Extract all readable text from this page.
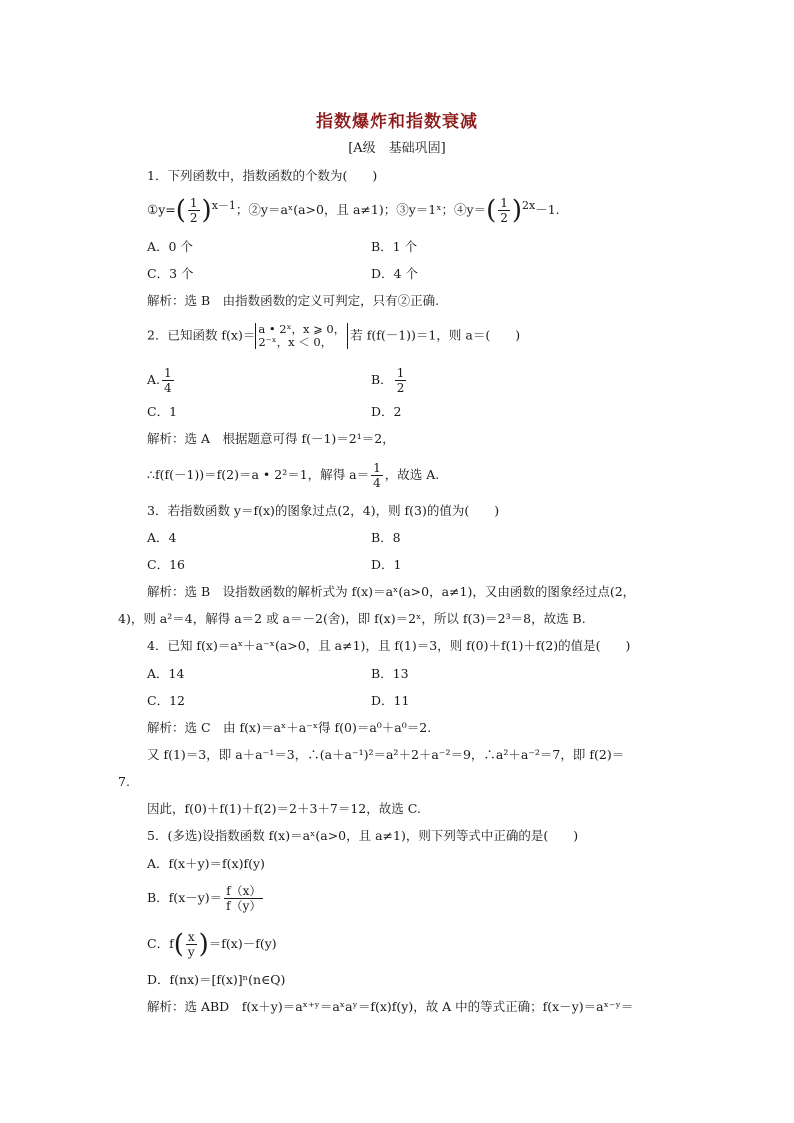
指数爆炸和指数衰减
[A级　基础巩固]
1．下列函数中，指数函数的个数为(　　)
①y=( $\frac{1}{2} )x-1$；②y＝aˣ(a>0，且 a≠1)；③y＝1ˣ；④y＝( $\frac{1}{2} )2x-1$.
A．0 个	B．1 个
C．3 个	D．4 个
解析：选 B　由指数函数的定义可判定，只有②正确.
2．已知函数 f(x)＝ a • 2ˣ，x ⩾ 0，
2⁻ˣ，x ＜ 0，	若 f(f(－1))＝1，则 a＝(　　)
A. $\frac{1}{4}$	B． $\frac{1}{2}$
C．1	D．2
解析：选 A　根据题意可得 f(－1)＝2¹＝2，
∴f(f(－1))＝f(2)＝a • 2²＝1，解得 $a= \frac{1}{4}$ ，故选 A.
3．若指数函数 y＝f(x)的图象过点(2，4)，则 f(3)的值为(　　)
A．4	B．8
C．16	D．1
解析：选 B　设指数函数的解析式为 f(x)＝aˣ(a>0，a≠1)，又由函数的图象经过点(2，
4)，则 a²＝4，解得 a＝2 或 a＝－2(舍)，即 f(x)＝2ˣ，所以 f(3)＝2³＝8，故选 B.
4．已知 f(x)＝aˣ＋a⁻ˣ(a>0，且 a≠1)，且 f(1)＝3，则 f(0)＋f(1)＋f(2)的值是(　　)
A．14	B．13
C．12	D．11
解析：选 C　由 f(x)＝aˣ＋a⁻ˣ得 f(0)＝a⁰＋a⁰＝2.
又 f(1)＝3，即 a＋a⁻¹＝3，∴(a＋a⁻¹)²＝a²＋2＋a⁻²＝9，∴a²＋a⁻²＝7，即 f(2)＝
7.
因此，f(0)＋f(1)＋f(2)＝2＋3＋7＝12，故选 C.
5．(多选)设指数函数 f(x)＝aˣ(a>0，且 a≠1)，则下列等式中正确的是(　　)
A．f(x＋y)＝f(x)f(y)
B．$f(x-y)= \frac{f(x)}{f(y)}$
C．$f( \frac{x}{y} )=f(x)-f(y)$
D．f(nx)＝[f(x)]ⁿ(n∈Q)
解析：选 ABD　f(x＋y)＝aˣ⁺ʸ＝aˣaʸ＝f(x)f(y)，故 A 中的等式正确；f(x－y)＝aˣ⁻ʸ＝
